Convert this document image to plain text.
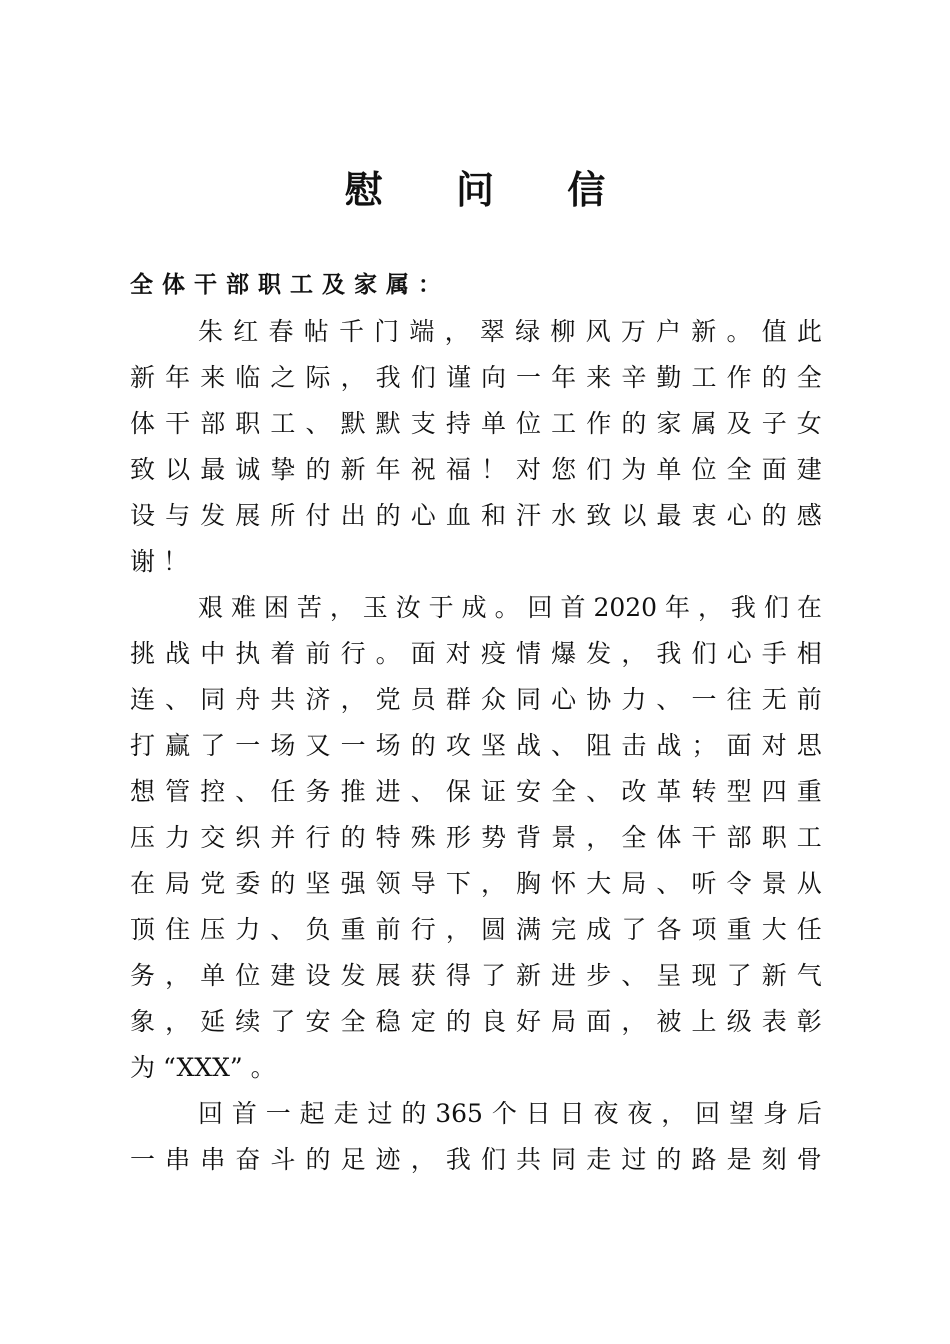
慰 问 信
全体干部职工及家属：
朱 红 春 帖 千 门 端 ， 翠 绿 柳 风 万 户 新 。 值 此
新 年 来 临 之 际 ， 我 们 谨 向 一 年 来 辛 勤 工 作 的 全
体 干 部 职 工 、 默 默 支 持 单 位 工 作 的 家 属 及 子 女
致 以 最 诚 挚 的 新 年 祝 福 ！ 对 您 们 为 单 位 全 面 建
设 与 发 展 所 付 出 的 心 血 和 汗 水 致 以 最 衷 心 的 感
谢 ！
艰 难 困 苦 ， 玉 汝 于 成 。 回 首 2020 年 ， 我 们 在
挑 战 中 执 着 前 行 。 面 对 疫 情 爆 发 ， 我 们 心 手 相
连 、 同 舟 共 济 ， 党 员 群 众 同 心 协 力 、 一 往 无 前
打 赢 了 一 场 又 一 场 的 攻 坚 战 、 阻 击 战 ； 面 对 思
想 管 控 、 任 务 推 进 、 保 证 安 全 、 改 革 转 型 四 重
压 力 交 织 并 行 的 特 殊 形 势 背 景 ， 全 体 干 部 职 工
在 局 党 委 的 坚 强 领 导 下 ， 胸 怀 大 局 、 听 令 景 从
顶 住 压 力 、 负 重 前 行 ， 圆 满 完 成 了 各 项 重 大 任
务 ， 单 位 建 设 发 展 获 得 了 新 进 步 、 呈 现 了 新 气
象 ， 延 续 了 安 全 稳 定 的 良 好 局 面 ， 被 上 级 表 彰
为 “XXX” 。
回 首 一 起 走 过 的 365 个 日 日 夜 夜 ， 回 望 身 后
一 串 串 奋 斗 的 足 迹 ， 我 们 共 同 走 过 的 路 是 刻 骨
